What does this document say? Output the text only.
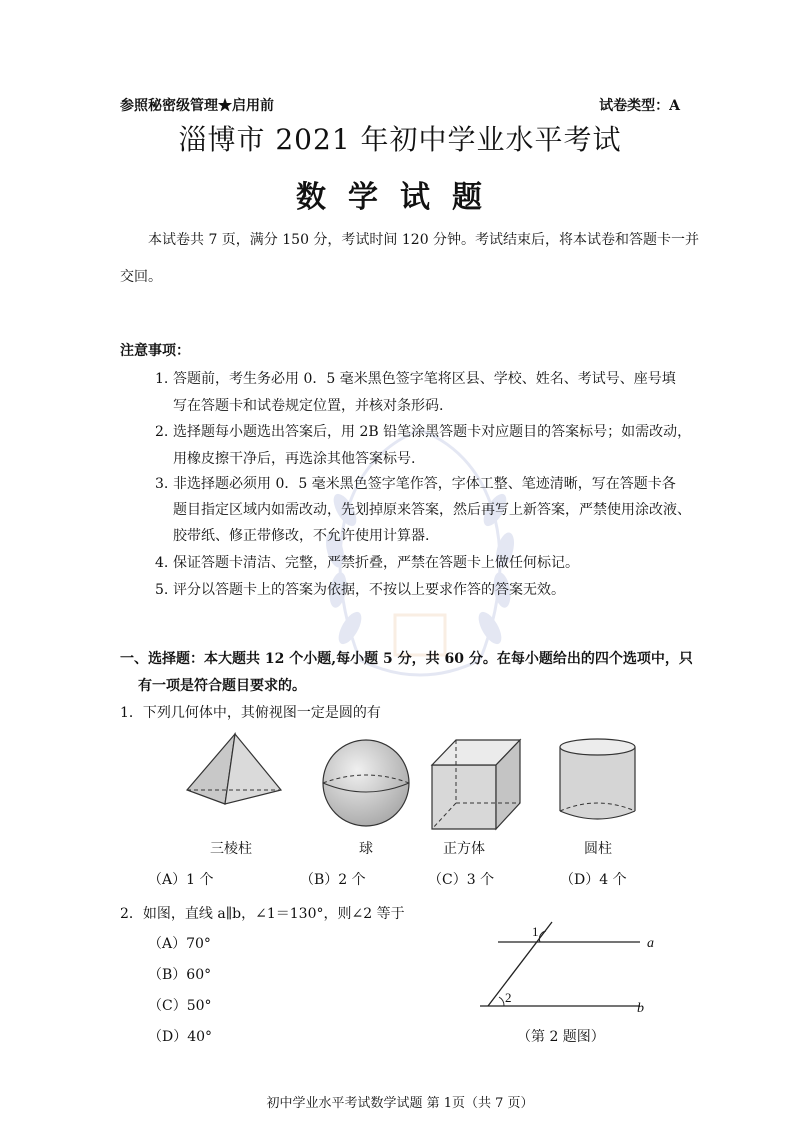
参照秘密级管理★启用前	试卷类型：A
淄博市 2021 年初中学业水平考试
数学试题
本试卷共 7 页，满分 150 分，考试时间 120 分钟。考试结束后，将本试卷和答题卡一并
交回。
注意事项：
1. 答题前，考生务必用 0．5 毫米黑色签字笔将区县、学校、姓名、考试号、座号填
写在答题卡和试卷规定位置，并核对条形码.
2. 选择题每小题选出答案后，用 2B 铅笔涂黑答题卡对应题目的答案标号；如需改动，
用橡皮擦干净后，再选涂其他答案标号.
3. 非选择题必须用 0．5 毫米黑色签字笔作答，字体工整、笔迹清晰，写在答题卡各
题目指定区域内如需改动，先划掉原来答案，然后再写上新答案，严禁使用涂改液、
胶带纸、修正带修改，不允许使用计算器.
4. 保证答题卡清洁、完整，严禁折叠，严禁在答题卡上做任何标记。
5. 评分以答题卡上的答案为依据，不按以上要求作答的答案无效。
一、选择题：本大题共 12 个小题,每小题 5 分，共 60 分。在每小题给出的四个选项中，只
有一项是符合题目要求的。
1．下列几何体中，其俯视图一定是圆的有
三棱柱	球	正方体	圆柱
（A）1 个	（B）2 个	（C）3 个	（D）4 个
2．如图，直线 a∥b，∠1＝130°，则∠2 等于
（A）70°
（B）60°
（C）50°
（D）40°
1
2
a
b
（第 2 题图）
初中学业水平考试数学试题 第 1页（共 7 页）
